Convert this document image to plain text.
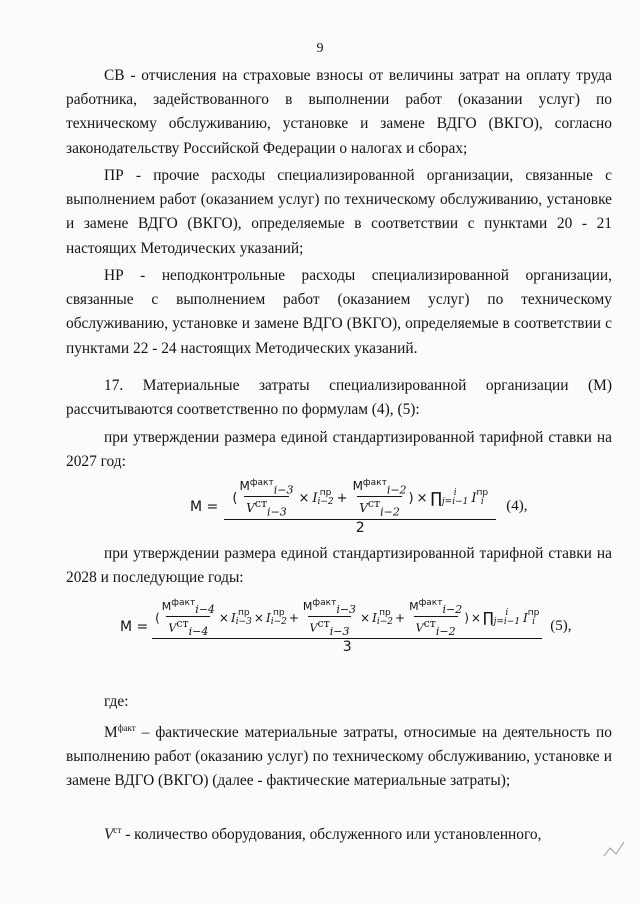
9

СВ - отчисления на страховые взносы от величины затрат на оплату труда работника, задействованного в выполнении работ (оказании услуг) по техническому обслуживанию, установке и замене ВДГО (ВКГО), согласно законодательству Российской Федерации о налогах и сборах;

ПР - прочие расходы специализированной организации, связанные с выполнением работ (оказанием услуг) по техническому обслуживанию, установке и замене ВДГО (ВКГО), определяемые в соответствии с пунктами 20 - 21 настоящих Методических указаний;

НР - неподконтрольные расходы специализированной организации, связанные с выполнением работ (оказанием услуг) по техническому обслуживанию, установке и замене ВДГО (ВКГО), определяемые в соответствии с пунктами 22 - 24 настоящих Методических указаний.

17. Материальные затраты специализированной организации (М) рассчитываются соответственно по формулам (4), (5):

при утверждении размера единой стандартизированной тарифной ставки на 2027 год:

М =
( $\frac{М^{факт}_{i-3}}{V^{ст}_{i-3}} \times I$ пр
$i-2 + \frac{М^{факт}_{i-2}}{V^{ст}_{i-2}}$ ) × ∏ i
j=i−1 I пр
i
2
(4),

при утверждении размера единой стандартизированной тарифной ставки на 2028 и последующие годы:

М =
( $\frac{М^{факт}_{i-4}}{V^{ст}_{i-4}} \times I$ пр
i−3 × I пр
$i-2 + \frac{М^{факт}_{i-3}}{V^{ст}_{i-3}} \times I$ пр
$i-2 + \frac{М^{факт}_{i-2}}{V^{ст}_{i-2}}$ ) × ∏ i
j=i−1 I пр
i
3
(5),

где:

$М^{факт}$ – фактические материальные затраты, относимые на деятельность по выполнению работ (оказанию услуг) по техническому обслуживанию, установке и замене ВДГО (ВКГО) (далее - фактические материальные затраты);

$V^{ст}$ - количество оборудования, обслуженного или установленного,
